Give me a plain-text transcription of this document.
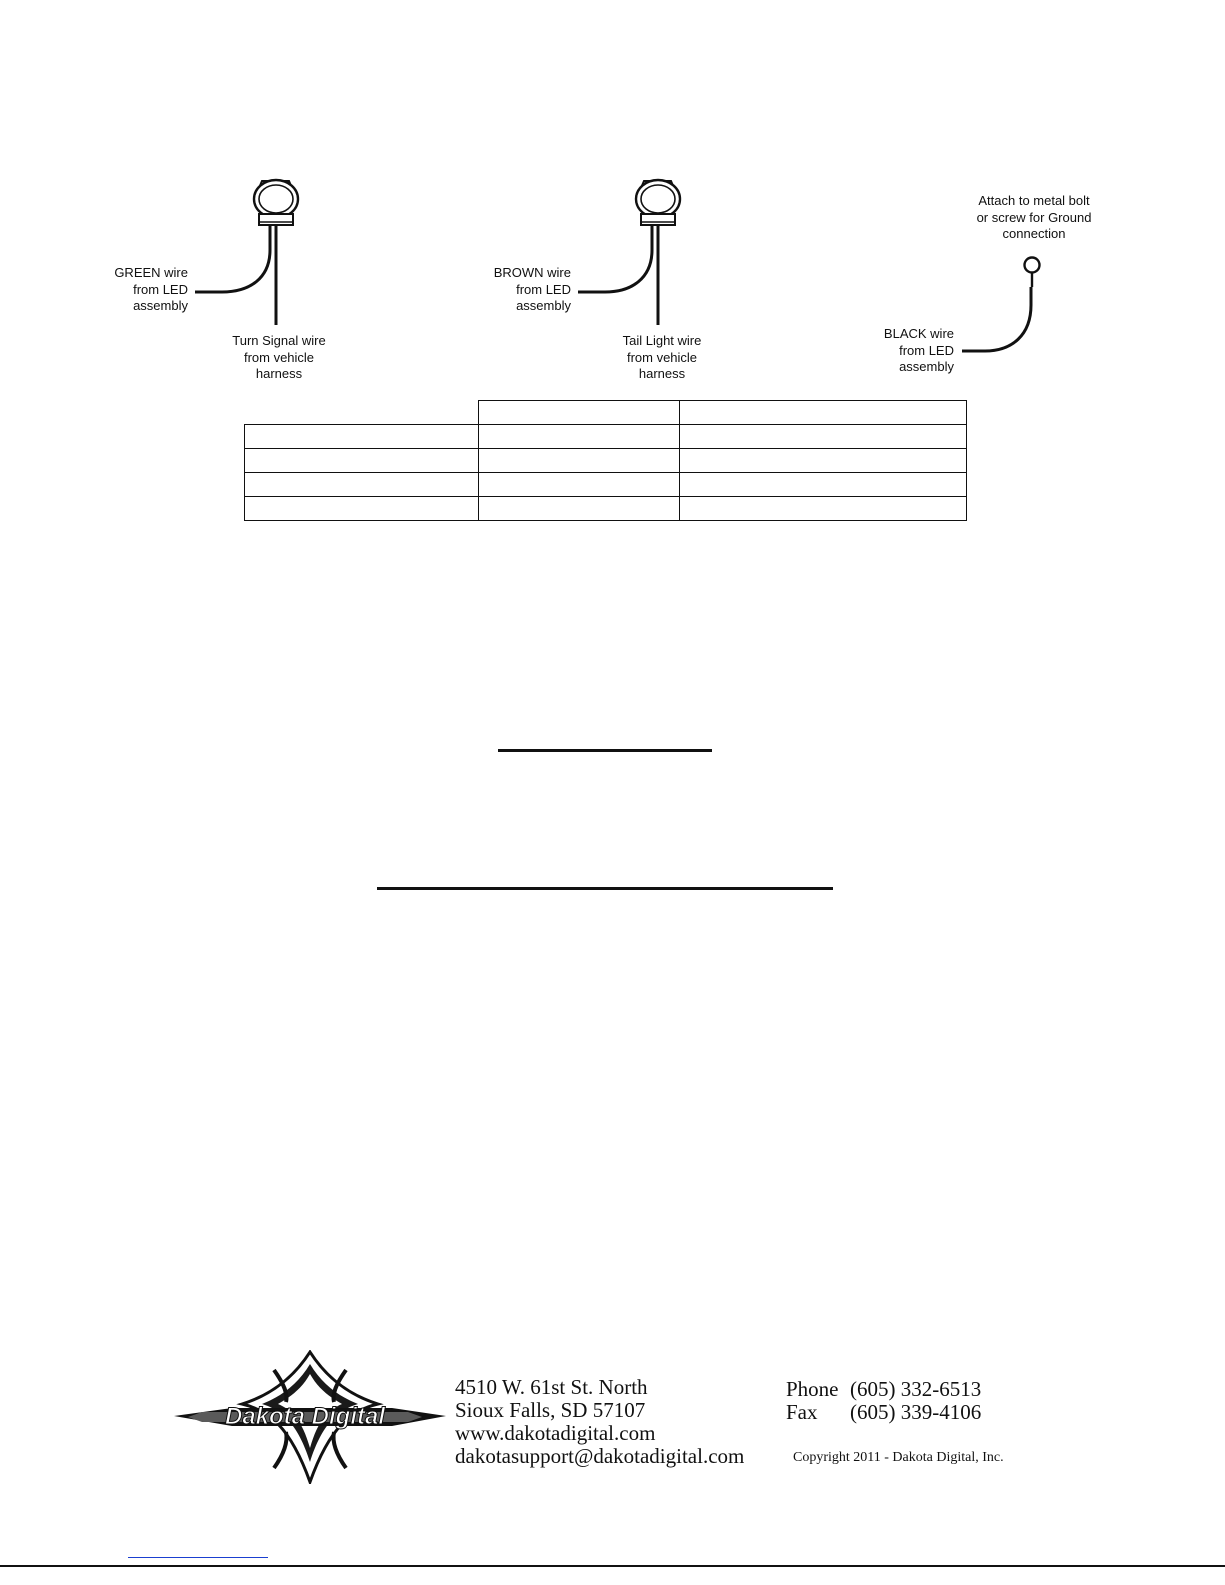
GREEN wire
from LED
assembly
Turn Signal wire
from vehicle
harness
BROWN wire
from LED
assembly
Tail Light wire
from vehicle
harness
Attach to metal bolt
or screw for Ground
connection
BLACK wire
from LED
assembly

Dakota Digital
4510 W. 61st St. North
Sioux Falls, SD 57107
www.dakotadigital.com
dakotasupport@dakotadigital.com
Phone (605) 332-6513
Fax	(605) 339-4106
Copyright 2011 - Dakota Digital, Inc.
